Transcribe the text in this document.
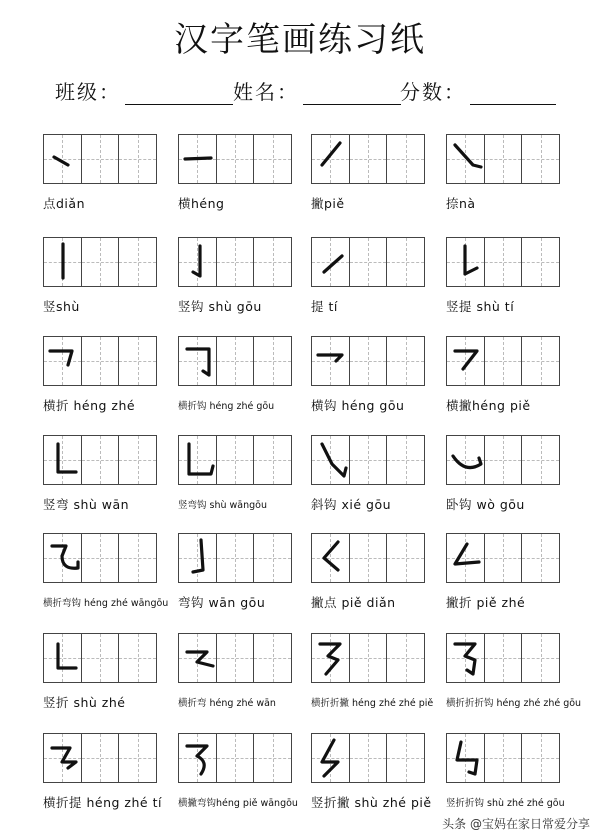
汉字笔画练习纸
班级：	姓名：	分数：
点diǎn	横héng	撇piě	捺nà
竖shù	竖钩 shù gōu	提 tí	竖提 shù tí
横折 héng zhé	横折钩 héng zhé gōu	横钩 héng gōu	横撇héng piě
竖弯 shù wān	竖弯钩 shù wāngōu	斜钩 xié gōu	卧钩 wò gōu
横折弯钩 héng zhé wāngōu 弯钩 wān gōu	撇点 piě diǎn	撇折 piě zhé
竖折 shù zhé	横折弯 héng zhé wān	横折折撇 héng zhé zhé piě 横折折折钩 héng zhé zhé gōu
横折提 héng zhé tí 横撇弯钩héng piě wāngōu 竖折撇 shù zhé piě 竖折折钩 shù zhé zhé gōu
头条 @宝妈在家日常爱分享
